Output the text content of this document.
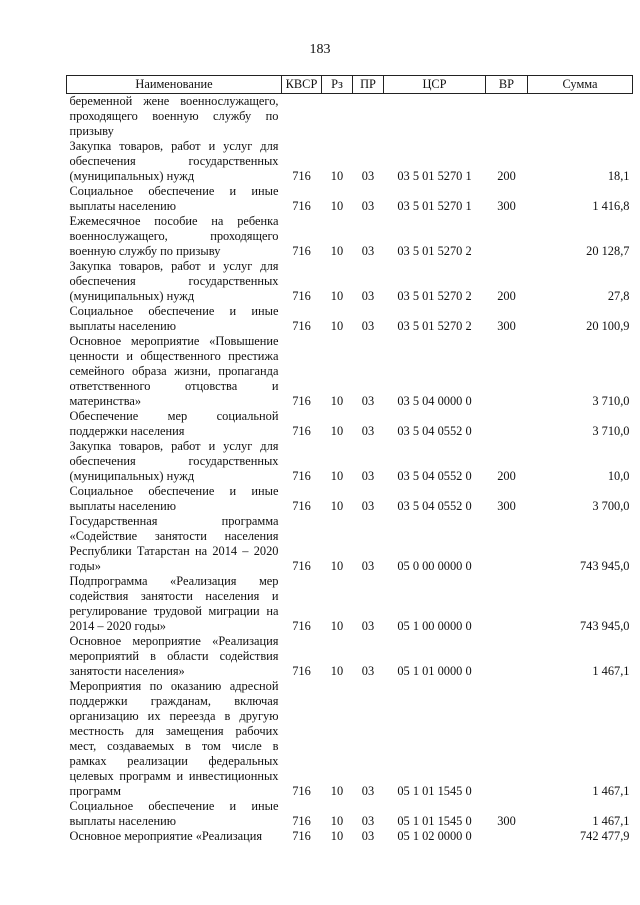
183
Наименование	КВСР	Рз	ПР	ЦСР	ВР	Сумма
беременной жене военнослужащего, проходящего военную службу по призыву						
Закупка товаров, работ и услуг для обеспечения государственных (муниципальных) нужд	716	10	03	03 5 01 5270 1	200	18,1
Социальное обеспечение и иные выплаты населению	716	10	03	03 5 01 5270 1	300	1 416,8
Ежемесячное пособие на ребенка военнослужащего, проходящего военную службу по призыву	716	10	03	03 5 01 5270 2		20 128,7
Закупка товаров, работ и услуг для обеспечения государственных (муниципальных) нужд	716	10	03	03 5 01 5270 2	200	27,8
Социальное обеспечение и иные выплаты населению	716	10	03	03 5 01 5270 2	300	20 100,9
Основное мероприятие «Повышение ценности и общественного престижа семейного образа жизни, пропаганда ответственного отцовства и материнства»	716	10	03	03 5 04 0000 0		3 710,0
Обеспечение мер социальной поддержки населения	716	10	03	03 5 04 0552 0		3 710,0
Закупка товаров, работ и услуг для обеспечения государственных (муниципальных) нужд	716	10	03	03 5 04 0552 0	200	10,0
Социальное обеспечение и иные выплаты населению	716	10	03	03 5 04 0552 0	300	3 700,0
Государственная программа «Содействие занятости населения Республики Татарстан на 2014 – 2020 годы»	716	10	03	05 0 00 0000 0		743 945,0
Подпрограмма «Реализация мер содействия занятости населения и регулирование трудовой миграции на 2014 – 2020 годы»	716	10	03	05 1 00 0000 0		743 945,0
Основное мероприятие «Реализация мероприятий в области содействия занятости населения»	716	10	03	05 1 01 0000 0		1 467,1
Мероприятия по оказанию адресной поддержки гражданам, включая организацию их переезда в другую местность для замещения рабочих мест, создаваемых в том числе в рамках реализации федеральных целевых программ и инвестиционных программ	716	10	03	05 1 01 1545 0		1 467,1
Социальное обеспечение и иные выплаты населению	716	10	03	05 1 01 1545 0	300	1 467,1
Основное мероприятие «Реализация	716	10	03	05 1 02 0000 0		742 477,9
